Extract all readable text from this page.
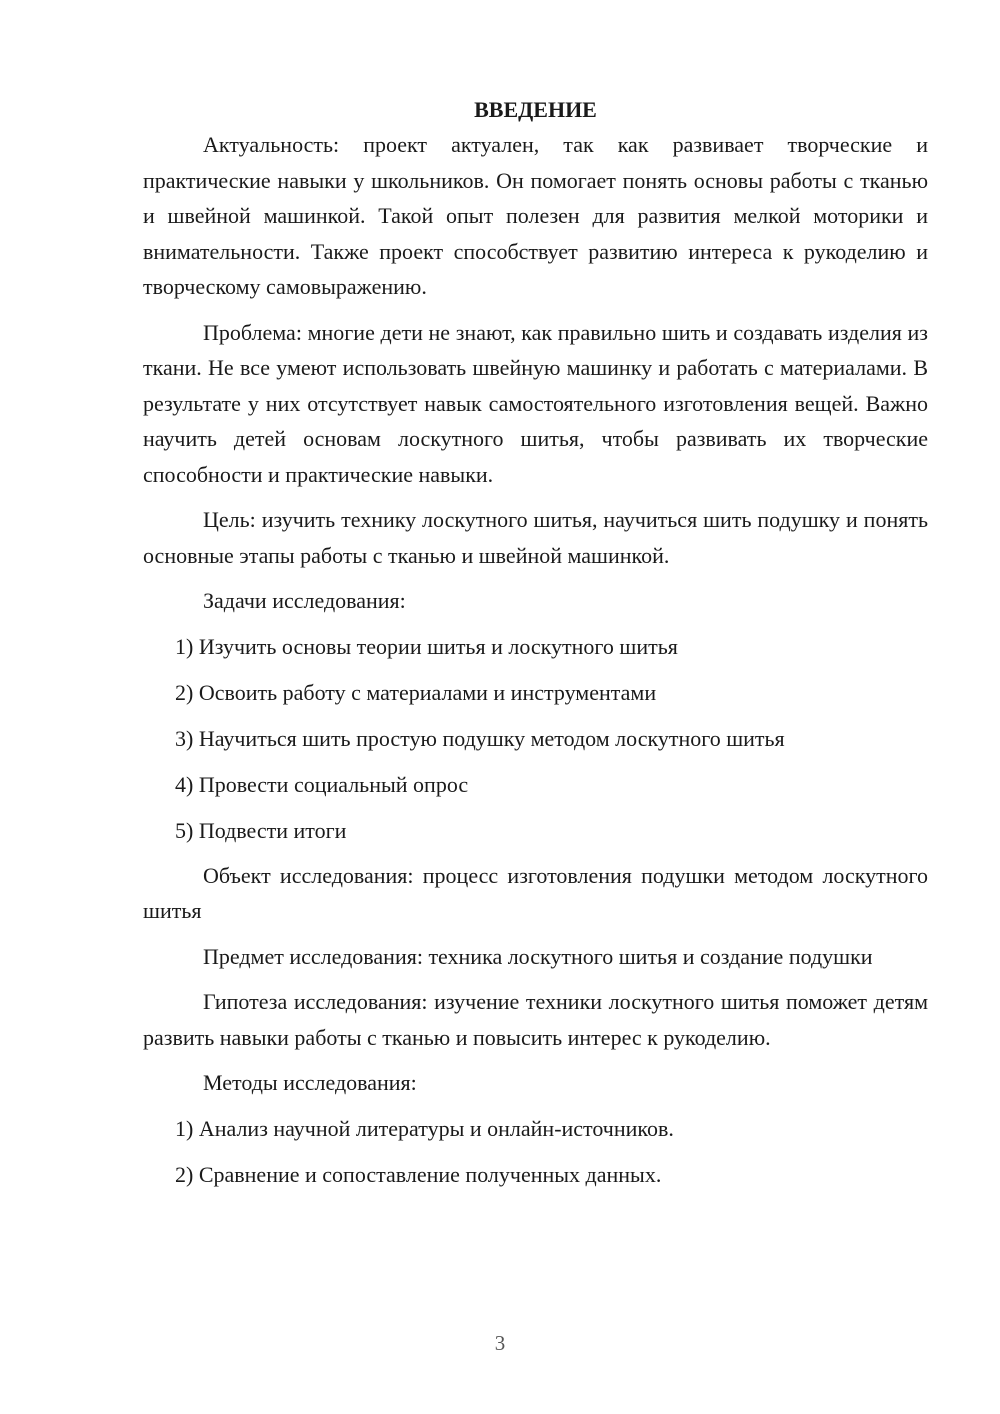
ВВЕДЕНИЕ

Актуальность: проект актуален, так как развивает творческие и практические навыки у школьников. Он помогает понять основы работы с тканью и швейной машинкой. Такой опыт полезен для развития мелкой моторики и внимательности. Также проект способствует развитию интереса к рукоделию и творческому самовыражению.

Проблема: многие дети не знают, как правильно шить и создавать изделия из ткани. Не все умеют использовать швейную машинку и работать с материалами. В результате у них отсутствует навык самостоятельного изготовления вещей. Важно научить детей основам лоскутного шитья, чтобы развивать их творческие способности и практические навыки.

Цель: изучить технику лоскутного шитья, научиться шить подушку и понять основные этапы работы с тканью и швейной машинкой.

Задачи исследования:

1) Изучить основы теории шитья и лоскутного шитья
2) Освоить работу с материалами и инструментами
3) Научиться шить простую подушку методом лоскутного шитья
4) Провести социальный опрос
5) Подвести итоги

Объект исследования: процесс изготовления подушки методом лоскутного шитья

Предмет исследования: техника лоскутного шитья и создание подушки

Гипотеза исследования: изучение техники лоскутного шитья поможет детям развить навыки работы с тканью и повысить интерес к рукоделию.

Методы исследования:

1) Анализ научной литературы и онлайн-источников.
2) Сравнение и сопоставление полученных данных.
3
